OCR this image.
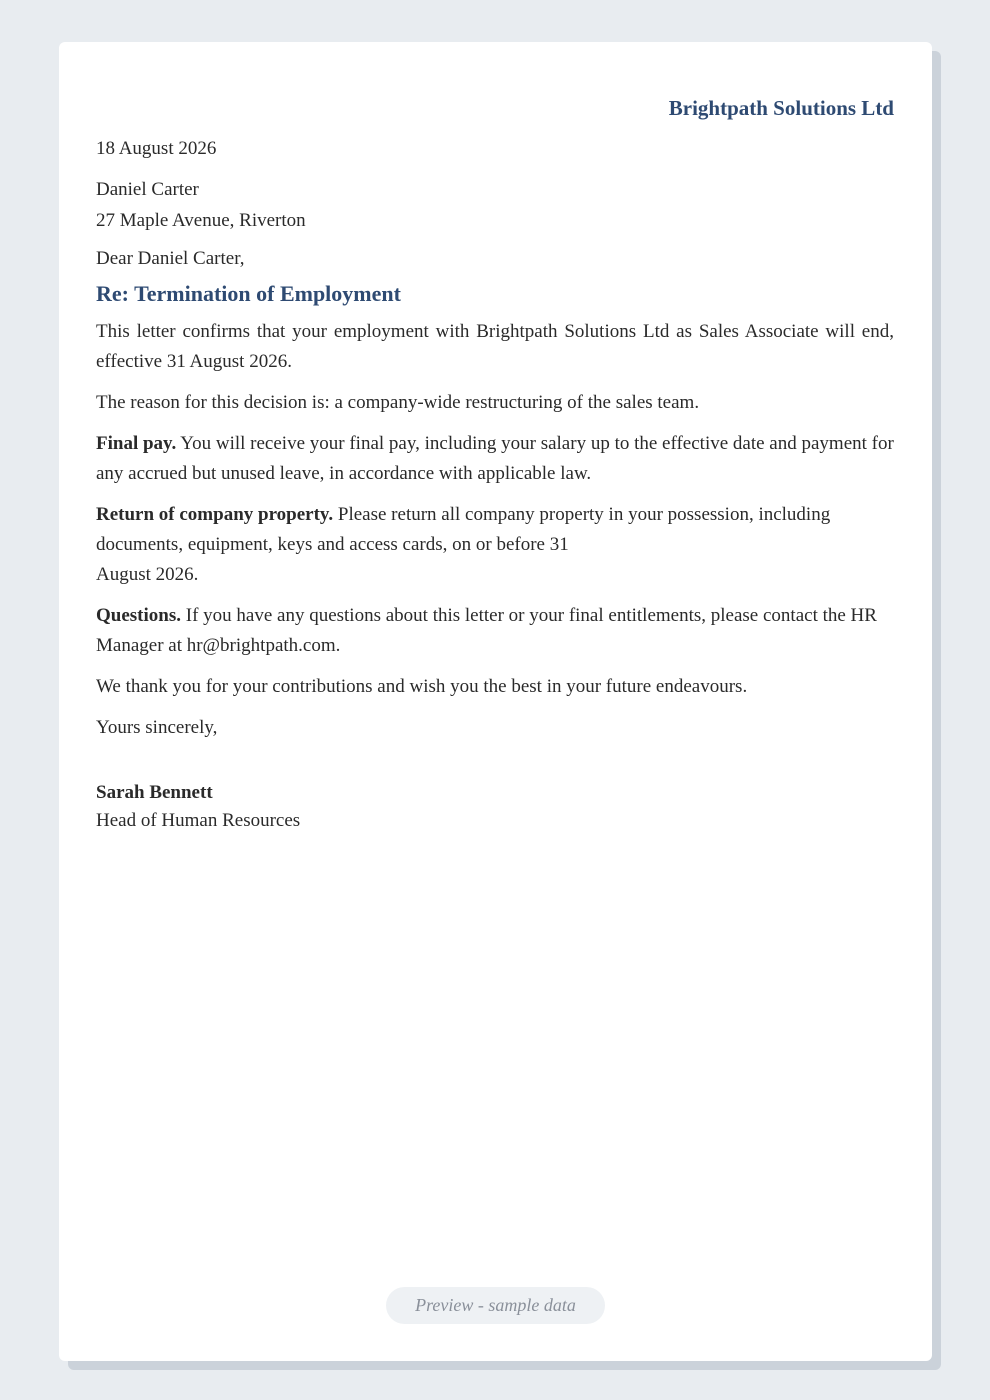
Brightpath Solutions Ltd
18 August 2026
Daniel Carter
27 Maple Avenue, Riverton
Dear Daniel Carter,
Re: Termination of Employment
This letter confirms that your employment with Brightpath Solutions Ltd as Sales Associate will end, effective 31 August 2026.
The reason for this decision is: a company-wide restructuring of the sales team.
Final pay. You will receive your final pay, including your salary up to the effective date and payment for any accrued but unused leave, in accordance with applicable law.
Return of company property. Please return all company property in your possession, including documents, equipment, keys and access cards, on or before 31
August 2026.
Questions. If you have any questions about this letter or your final entitlements, please contact the HR Manager at hr@brightpath.com.
We thank you for your contributions and wish you the best in your future endeavours.
Yours sincerely,
Sarah Bennett
Head of Human Resources
Preview - sample data
